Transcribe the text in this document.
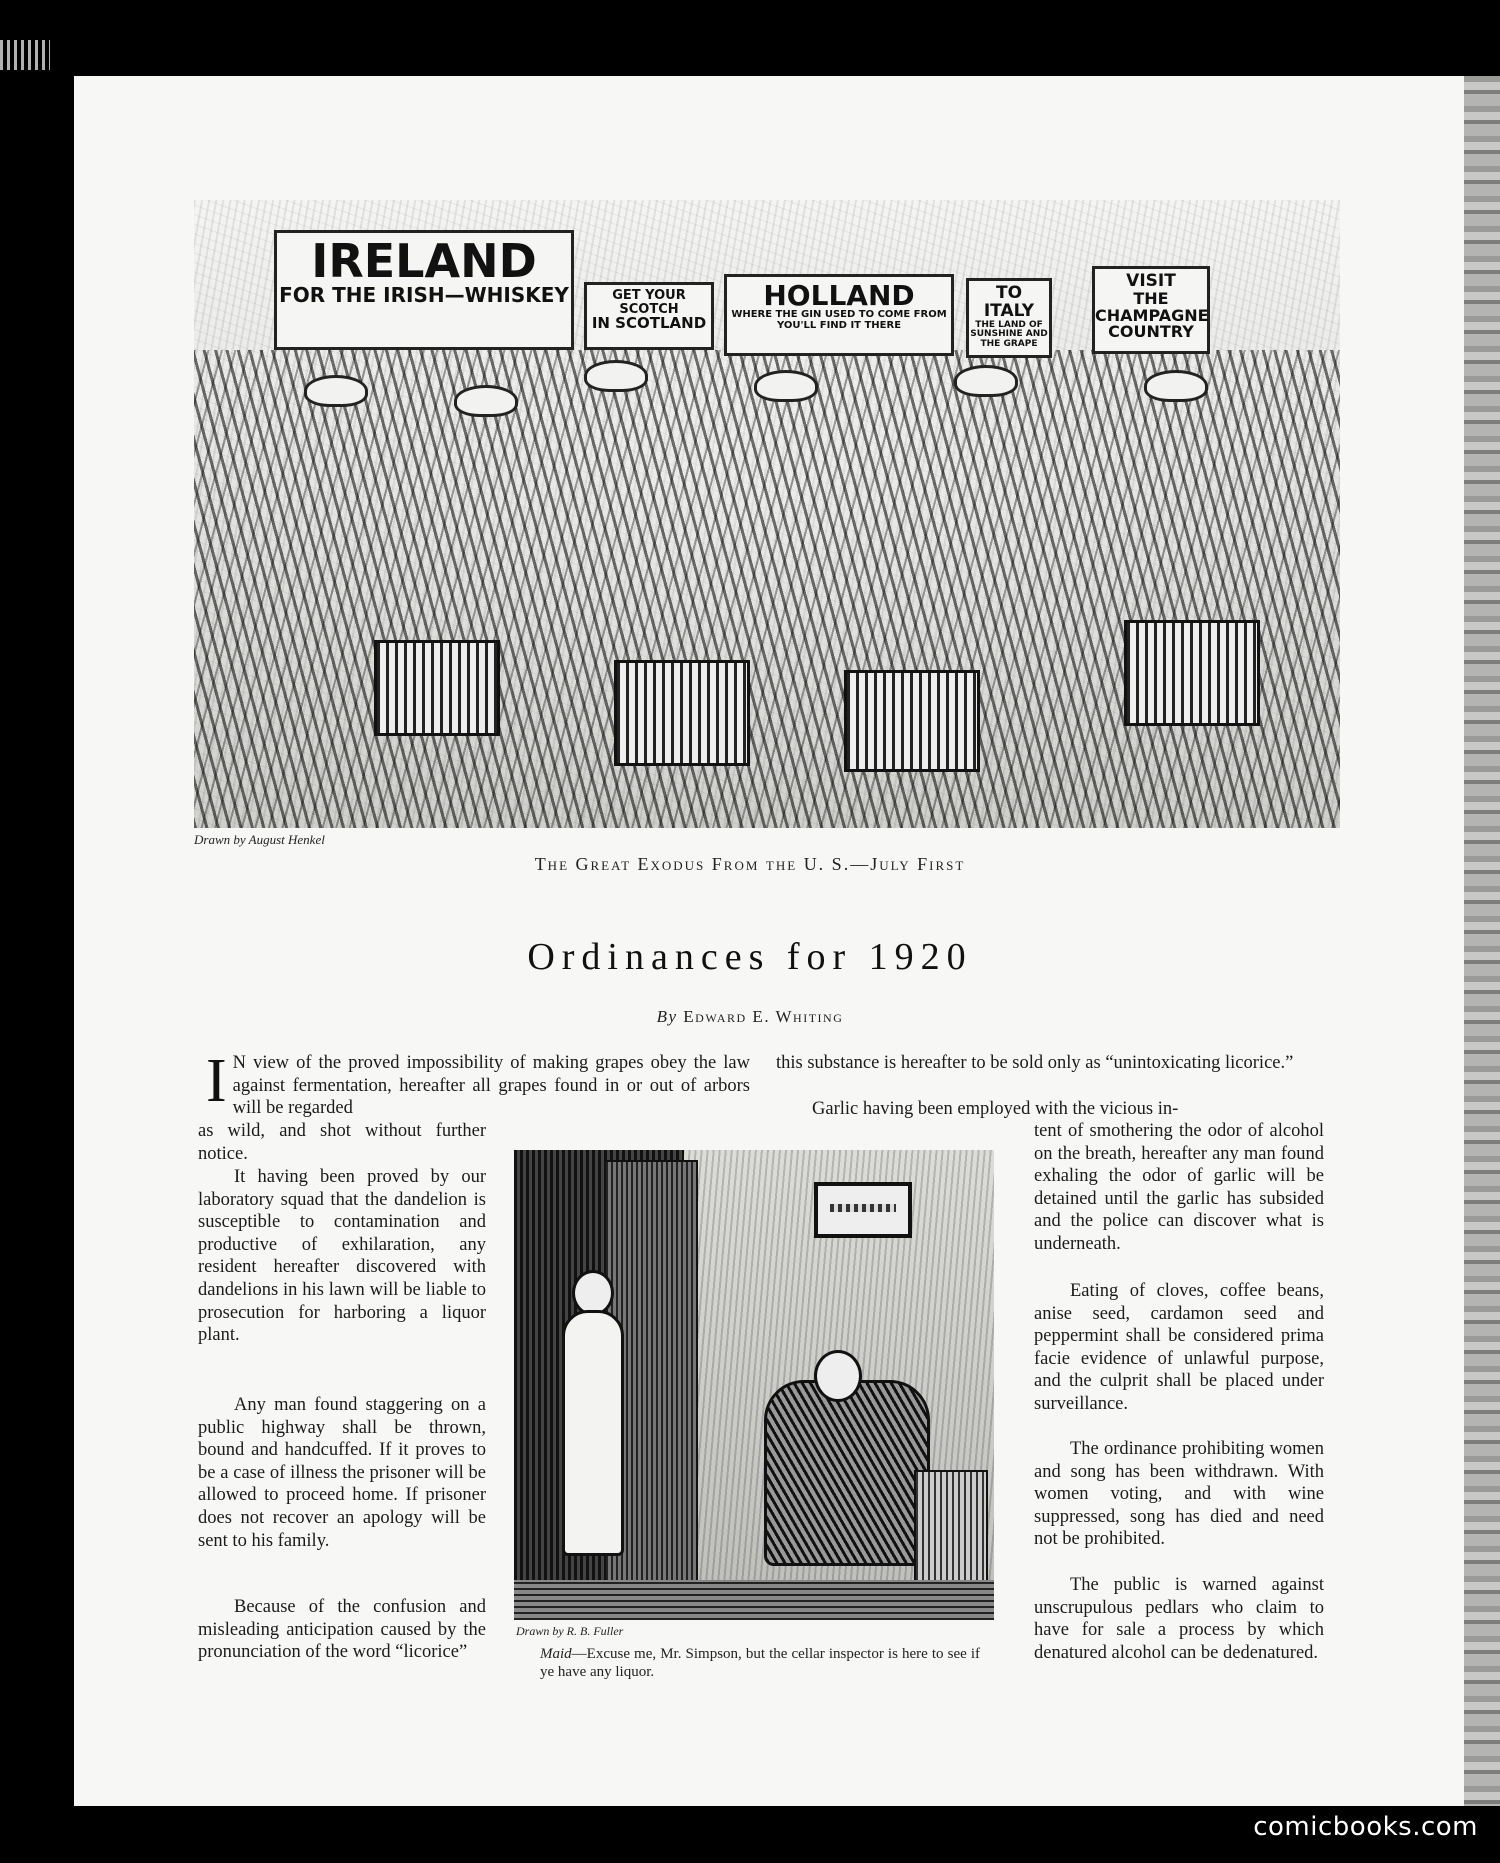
IRELAND
FOR THE IRISH—WHISKEY	GET YOUR SCOTCH
IN SCOTLAND
HOLLAND
WHERE THE GIN USED TO COME FROM YOU'LL FIND IT THERE
TO ITALY
THE LAND OF SUNSHINE AND THE GRAPE
VISIT
THE CHAMPAGNE COUNTRY
Drawn by August Henkel
The Great Exodus From the U. S.—July First
Ordinances for 1920
By Edward E. Whiting

I N view of the proved impossibility of making grapes obey the law against fermentation, hereafter all grapes found in or out of arbors will be regarded

as wild, and shot without further notice.

It having been proved by our laboratory squad that the dandelion is susceptible to contamination and productive of exhilaration, any resident hereafter discovered with dandelions in his lawn will be liable to prosecution for harboring a liquor plant.

Any man found staggering on a public highway shall be thrown, bound and handcuffed. If it proves to be a case of illness the prisoner will be allowed to proceed home. If prisoner does not recover an apology will be sent to his family.

Because of the confusion and misleading anticipation caused by the pronunciation of the word “licorice”

this substance is hereafter to be sold only as “unintoxicating licorice.”

Garlic having been employed with the vicious in-

tent of smothering the odor of alcohol on the breath, hereafter any man found exhaling the odor of garlic will be detained until the garlic has subsided and the police can discover what is underneath.

Eating of cloves, coffee beans, anise seed, cardamon seed and peppermint shall be considered prima facie evidence of unlawful purpose, and the culprit shall be placed under surveillance.

The ordinance prohibiting women and song has been withdrawn. With women voting, and with wine suppressed, song has died and need not be prohibited.

The public is warned against unscrupulous pedlars who claim to have for sale a process by which denatured alcohol can be dedenatured.

Drawn by R. B. Fuller
Maid—Excuse me, Mr. Simpson, but the cellar inspector is here to see if ye have any liquor.
comicbooks.com
